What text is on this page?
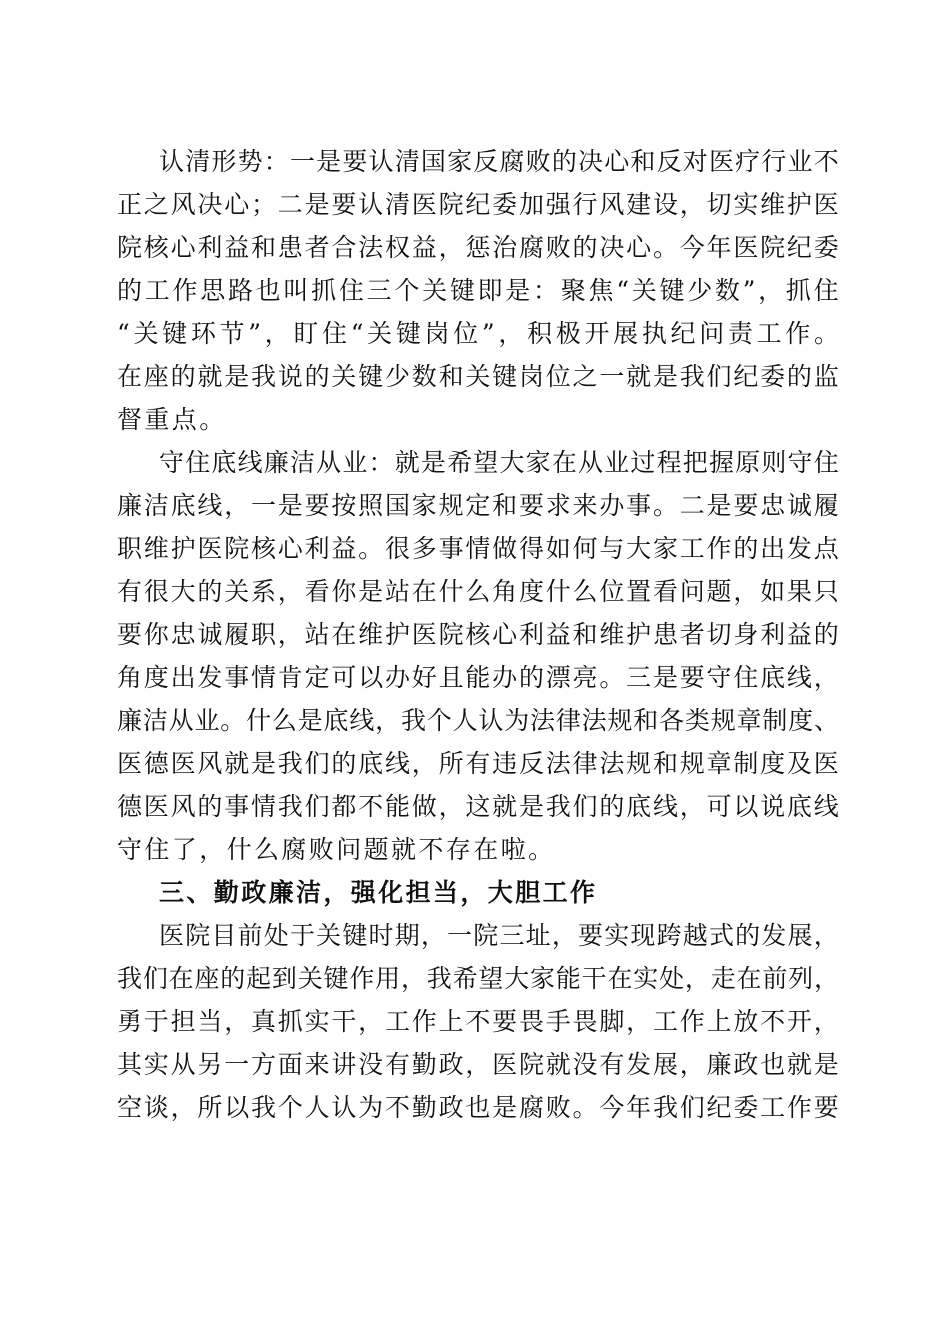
认 清 形 势 ： 一 是 要 认 清 国 家 反 腐 败 的 决 心 和 反 对 医 疗 行 业 不
正 之 风 决 心 ； 二 是 要 认 清 医 院 纪 委 加 强 行 风 建 设 ， 切 实 维 护 医
院 核 心 利 益 和 患 者 合 法 权 益 ， 惩 治 腐 败 的 决 心 。 今 年 医 院 纪 委
的 工 作 思 路 也 叫 抓 住 三 个 关 键 即 是 ： 聚 焦 “ 关 键 少 数 ” ， 抓 住
“ 关 键 环 节 ” ， 盯 住 “ 关 键 岗 位 ” ， 积 极 开 展 执 纪 问 责 工 作 。
在 座 的 就 是 我 说 的 关 键 少 数 和 关 键 岗 位 之 一 就 是 我 们 纪 委 的 监
督重点。
守 住 底 线 廉 洁 从 业 ： 就 是 希 望 大 家 在 从 业 过 程 把 握 原 则 守 住
廉 洁 底 线 ， 一 是 要 按 照 国 家 规 定 和 要 求 来 办 事 。 二 是 要 忠 诚 履
职 维 护 医 院 核 心 利 益 。 很 多 事 情 做 得 如 何 与 大 家 工 作 的 出 发 点
有 很 大 的 关 系 ， 看 你 是 站 在 什 么 角 度 什 么 位 置 看 问 题 ， 如 果 只
要 你 忠 诚 履 职 ， 站 在 维 护 医 院 核 心 利 益 和 维 护 患 者 切 身 利 益 的
角 度 出 发 事 情 肯 定 可 以 办 好 且 能 办 的 漂 亮 。 三 是 要 守 住 底 线 ，
廉 洁 从 业 。 什 么 是 底 线 ， 我 个 人 认 为 法 律 法 规 和 各 类 规 章 制 度 、
医 德 医 风 就 是 我 们 的 底 线 ， 所 有 违 反 法 律 法 规 和 规 章 制 度 及 医
德 医 风 的 事 情 我 们 都 不 能 做 ， 这 就 是 我 们 的 底 线 ， 可 以 说 底 线
守住了，什么腐败问题就不存在啦。
三、勤政廉洁，强化担当，大胆工作
医 院 目 前 处 于 关 键 时 期 ， 一 院 三 址 ， 要 实 现 跨 越 式 的 发 展 ，
我 们 在 座 的 起 到 关 键 作 用 ， 我 希 望 大 家 能 干 在 实 处 ， 走 在 前 列 ，
勇 于 担 当 ， 真 抓 实 干 ， 工 作 上 不 要 畏 手 畏 脚 ， 工 作 上 放 不 开 ，
其 实 从 另 一 方 面 来 讲 没 有 勤 政 ， 医 院 就 没 有 发 展 ， 廉 政 也 就 是
空 谈 ， 所 以 我 个 人 认 为 不 勤 政 也 是 腐 败 。 今 年 我 们 纪 委 工 作 要
